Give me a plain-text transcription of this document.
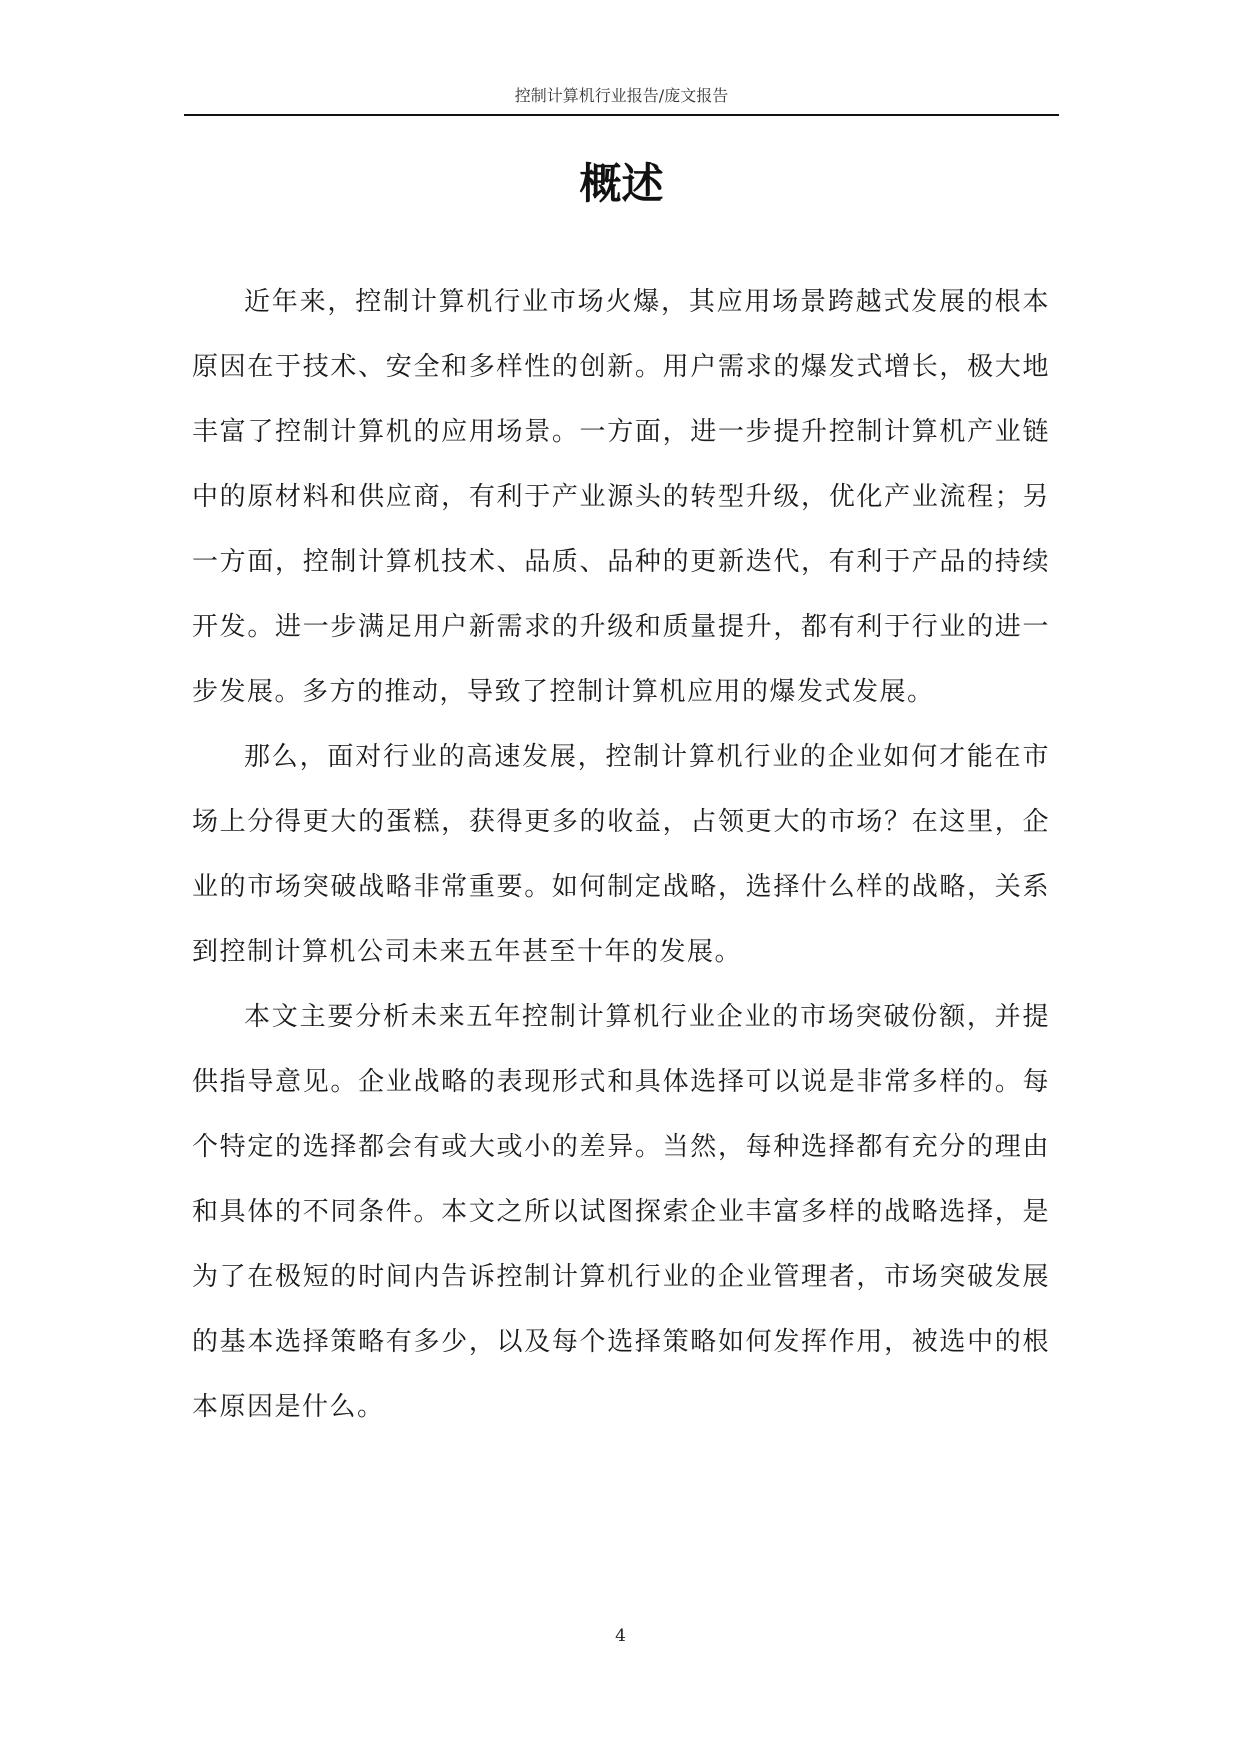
控制计算机行业报告/庞文报告
概述

近年来，控制计算机行业市场火爆，其应用场景跨越式发展的根本原因在于技术、安全和多样性的创新。用户需求的爆发式增长，极大地丰富了控制计算机的应用场景。一方面，进一步提升控制计算机产业链中的原材料和供应商，有利于产业源头的转型升级，优化产业流程；另一方面，控制计算机技术、品质、品种的更新迭代，有利于产品的持续开发。进一步满足用户新需求的升级和质量提升，都有利于行业的进一步发展。多方的推动，导致了控制计算机应用的爆发式发展。

那么，面对行业的高速发展，控制计算机行业的企业如何才能在市场上分得更大的蛋糕，获得更多的收益，占领更大的市场？在这里，企业的市场突破战略非常重要。如何制定战略，选择什么样的战略，关系到控制计算机公司未来五年甚至十年的发展。

本文主要分析未来五年控制计算机行业企业的市场突破份额，并提供指导意见。企业战略的表现形式和具体选择可以说是非常多样的。每个特定的选择都会有或大或小的差异。当然，每种选择都有充分的理由和具体的不同条件。本文之所以试图探索企业丰富多样的战略选择，是为了在极短的时间内告诉控制计算机行业的企业管理者，市场突破发展的基本选择策略有多少，以及每个选择策略如何发挥作用，被选中的根本原因是什么。

4
